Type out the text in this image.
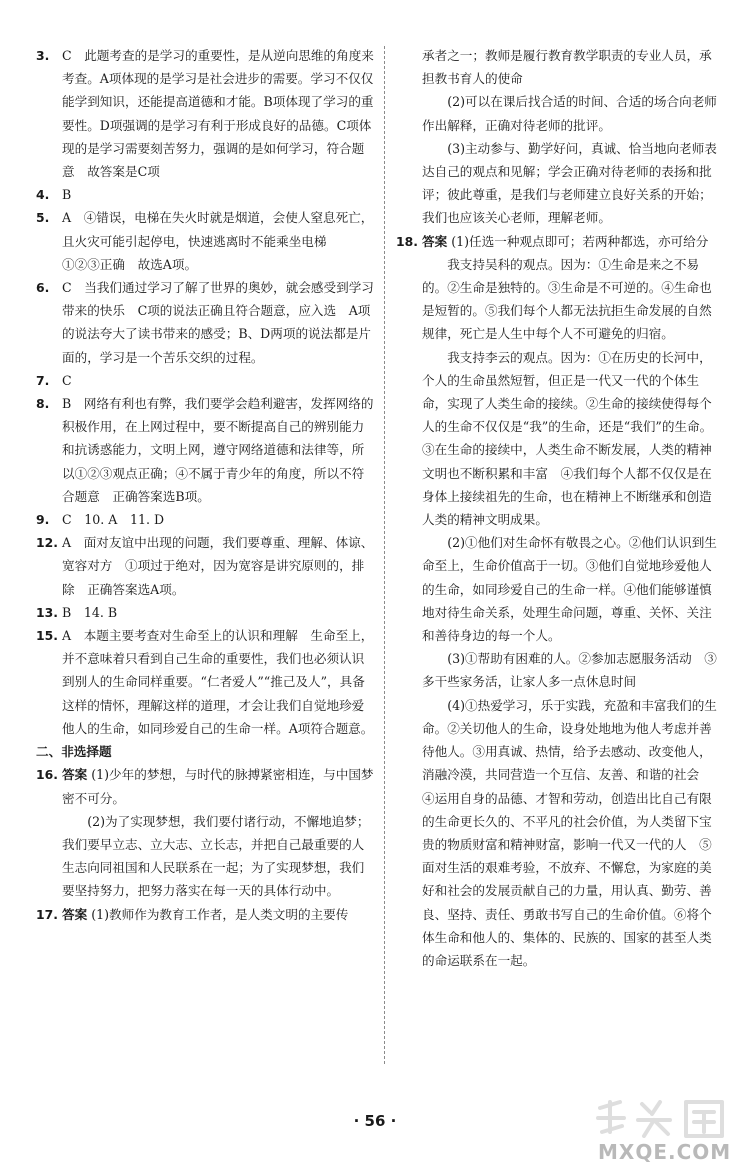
3.	C　此题考查的是学习的重要性，是从逆向思维的角度来考查。A项体现的是学习是社会进步的需要。学习不仅仅能学到知识，还能提高道德和才能。B项体现了学习的重要性。D项强调的是学习有利于形成良好的品德。C项体现的是学习需要刻苦努力，强调的是如何学习，符合题意　故答案是C项
4.	B
5.	A　④错误，电梯在失火时就是烟道，会使人窒息死亡，且火灾可能引起停电，快速逃离时不能乘坐电梯　①②③正确　故选A项。
6.	C　当我们通过学习了解了世界的奥妙，就会感受到学习带来的快乐　C项的说法正确且符合题意，应入选　A项的说法夸大了读书带来的感受；B、D两项的说法都是片面的，学习是一个苦乐交织的过程。
7.	C
8.	B　网络有利也有弊，我们要学会趋利避害，发挥网络的积极作用，在上网过程中，要不断提高自己的辨别能力和抗诱惑能力，文明上网，遵守网络道德和法律等，所以①②③观点正确；④不属于青少年的角度，所以不符合题意　正确答案选B项。
9.	C　10. A　11. D
12. A　面对友谊中出现的问题，我们要尊重、理解、体谅、宽容对方　①项过于绝对，因为宽容是讲究原则的，排除　正确答案选A项。
13. B　14. B
15. A　本题主要考查对生命至上的认识和理解　生命至上，并不意味着只看到自己生命的重要性，我们也必须认识到别人的生命同样重要。“仁者爱人”“推己及人”，具备这样的情怀，理解这样的道理，才会让我们自觉地珍爱他人的生命，如同珍爱自己的生命一样。A项符合题意。
二、非选择题
16. 答案 (1)少年的梦想，与时代的脉搏紧密相连，与中国梦密不可分。
(2)为了实现梦想，我们要付诸行动，不懈地追梦；我们要早立志、立大志、立长志，并把自己最重要的人生志向同祖国和人民联系在一起；为了实现梦想，我们要坚持努力，把努力落实在每一天的具体行动中。
17. 答案 (1)教师作为教育工作者，是人类文明的主要传
承者之一；教师是履行教育教学职责的专业人员，承担教书育人的使命
(2)可以在课后找合适的时间、合适的场合向老师作出解释，正确对待老师的批评。
(3)主动参与、勤学好问，真诚、恰当地向老师表达自己的观点和见解；学会正确对待老师的表扬和批评；彼此尊重，是我们与老师建立良好关系的开始；我们也应该关心老师，理解老师。
18. 答案 (1)任选一种观点即可；若两种都选，亦可给分
我支持吴科的观点。因为：①生命是来之不易的。②生命是独特的。③生命是不可逆的。④生命也是短暂的。⑤我们每个人都无法抗拒生命发展的自然规律，死亡是人生中每个人不可避免的归宿。
我支持李云的观点。因为：①在历史的长河中，个人的生命虽然短暂，但正是一代又一代的个体生命，实现了人类生命的接续。②生命的接续使得每个人的生命不仅仅是“我”的生命，还是“我们”的生命。③在生命的接续中，人类生命不断发展，人类的精神文明也不断积累和丰富　④我们每个人都不仅仅是在身体上接续祖先的生命，也在精神上不断继承和创造人类的精神文明成果。
(2)①他们对生命怀有敬畏之心。②他们认识到生命至上，生命价值高于一切。③他们自觉地珍爱他人的生命，如同珍爱自己的生命一样。④他们能够谨慎地对待生命关系，处理生命问题，尊重、关怀、关注和善待身边的每一个人。
(3)①帮助有困难的人。②参加志愿服务活动　③多干些家务活，让家人多一点休息时间
(4)①热爱学习，乐于实践，充盈和丰富我们的生命。②关切他人的生命，设身处地地为他人考虑并善待他人。③用真诚、热情，给予去感动、改变他人，消融冷漠，共同营造一个互信、友善、和谐的社会　④运用自身的品德、才智和劳动，创造出比自己有限的生命更长久的、不平凡的社会价值，为人类留下宝贵的物质财富和精神财富，影响一代又一代的人　⑤面对生活的艰难考验，不放弃、不懈怠，为家庭的美好和社会的发展贡献自己的力量，用认真、勤劳、善良、坚持、责任、勇敢书写自己的生命价值。⑥将个体生命和他人的、集体的、民族的、国家的甚至人类的命运联系在一起。
· 56 ·
MXQE.COM
